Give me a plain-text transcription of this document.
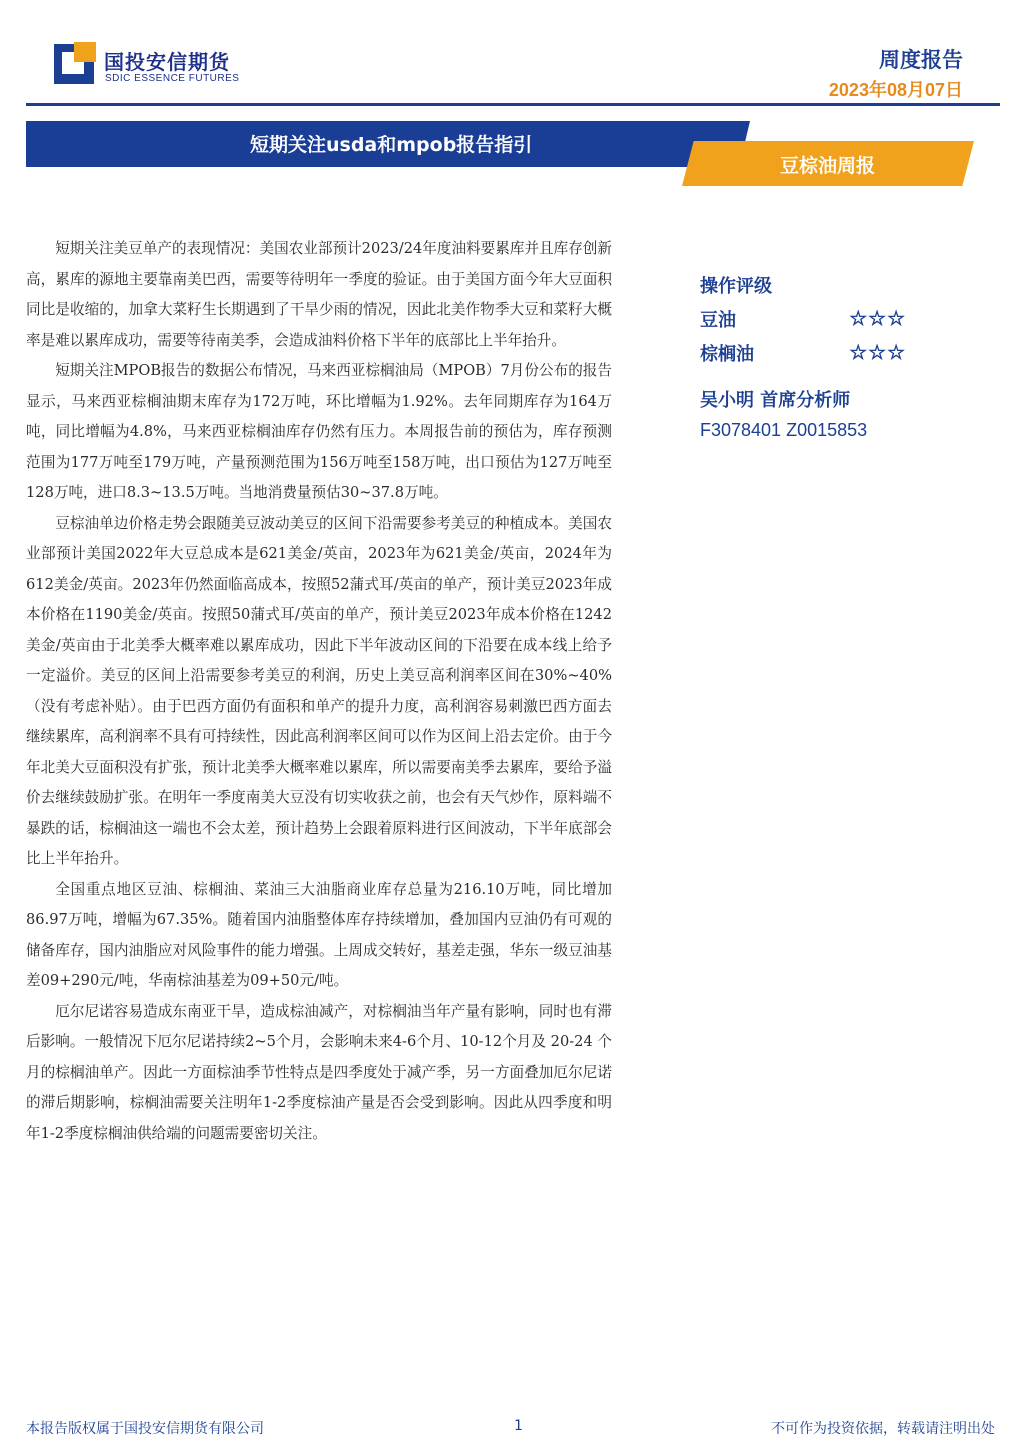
国投安信期货
SDIC ESSENCE FUTURES
周度报告
2023年08月07日
短期关注usda和mpob报告指引
豆棕油周报

短期关注美豆单产的表现情况：美国农业部预计2023/24年度油料要累库并且库存创新高，累库的源地主要靠南美巴西，需要等待明年一季度的验证。由于美国方面今年大豆面积同比是收缩的，加拿大菜籽生长期遇到了干旱少雨的情况，因此北美作物季大豆和菜籽大概率是难以累库成功，需要等待南美季，会造成油料价格下半年的底部比上半年抬升。

短期关注MPOB报告的数据公布情况，马来西亚棕榈油局（MPOB）7月份公布的报告显示，马来西亚棕榈油期末库存为172万吨，环比增幅为1.92%。去年同期库存为164万吨，同比增幅为4.8%，马来西亚棕榈油库存仍然有压力。本周报告前的预估为，库存预测范围为177万吨至179万吨，产量预测范围为156万吨至158万吨，出口预估为127万吨至128万吨，进口8.3~13.5万吨。当地消费量预估30~37.8万吨。

豆棕油单边价格走势会跟随美豆波动美豆的区间下沿需要参考美豆的种植成本。美国农业部预计美国2022年大豆总成本是621美金/英亩，2023年为621美金/英亩，2024年为612美金/英亩。2023年仍然面临高成本，按照52蒲式耳/英亩的单产，预计美豆2023年成本价格在1190美金/英亩。按照50蒲式耳/英亩的单产，预计美豆2023年成本价格在1242美金/英亩由于北美季大概率难以累库成功，因此下半年波动区间的下沿要在成本线上给予一定溢价。美豆的区间上沿需要参考美豆的利润，历史上美豆高利润率区间在30%~40%（没有考虑补贴）。由于巴西方面仍有面积和单产的提升力度，高利润容易刺激巴西方面去继续累库，高利润率不具有可持续性，因此高利润率区间可以作为区间上沿去定价。由于今年北美大豆面积没有扩张，预计北美季大概率难以累库，所以需要南美季去累库，要给予溢价去继续鼓励扩张。在明年一季度南美大豆没有切实收获之前，也会有天气炒作，原料端不暴跌的话，棕榈油这一端也不会太差，预计趋势上会跟着原料进行区间波动，下半年底部会比上半年抬升。

全国重点地区豆油、棕榈油、菜油三大油脂商业库存总量为216.10万吨，同比增加86.97万吨，增幅为67.35%。随着国内油脂整体库存持续增加，叠加国内豆油仍有可观的储备库存，国内油脂应对风险事件的能力增强。上周成交转好，基差走强，华东一级豆油基差09+290元/吨，华南棕油基差为09+50元/吨。

厄尔尼诺容易造成东南亚干旱，造成棕油减产，对棕榈油当年产量有影响，同时也有滞后影响。一般情况下厄尔尼诺持续2~5个月，会影响未来4-6个月、10-12个月及 20-24 个月的棕榈油单产。因此一方面棕油季节性特点是四季度处于减产季，另一方面叠加厄尔尼诺的滞后期影响，棕榈油需要关注明年1-2季度棕油产量是否会受到影响。因此从四季度和明年1-2季度棕榈油供给端的问题需要密切关注。

操作评级
豆油	☆☆☆
棕榈油	☆☆☆
吴小明 首席分析师
F3078401 Z0015853
本报告版权属于国投安信期货有限公司	1	不可作为投资依据，转载请注明出处
